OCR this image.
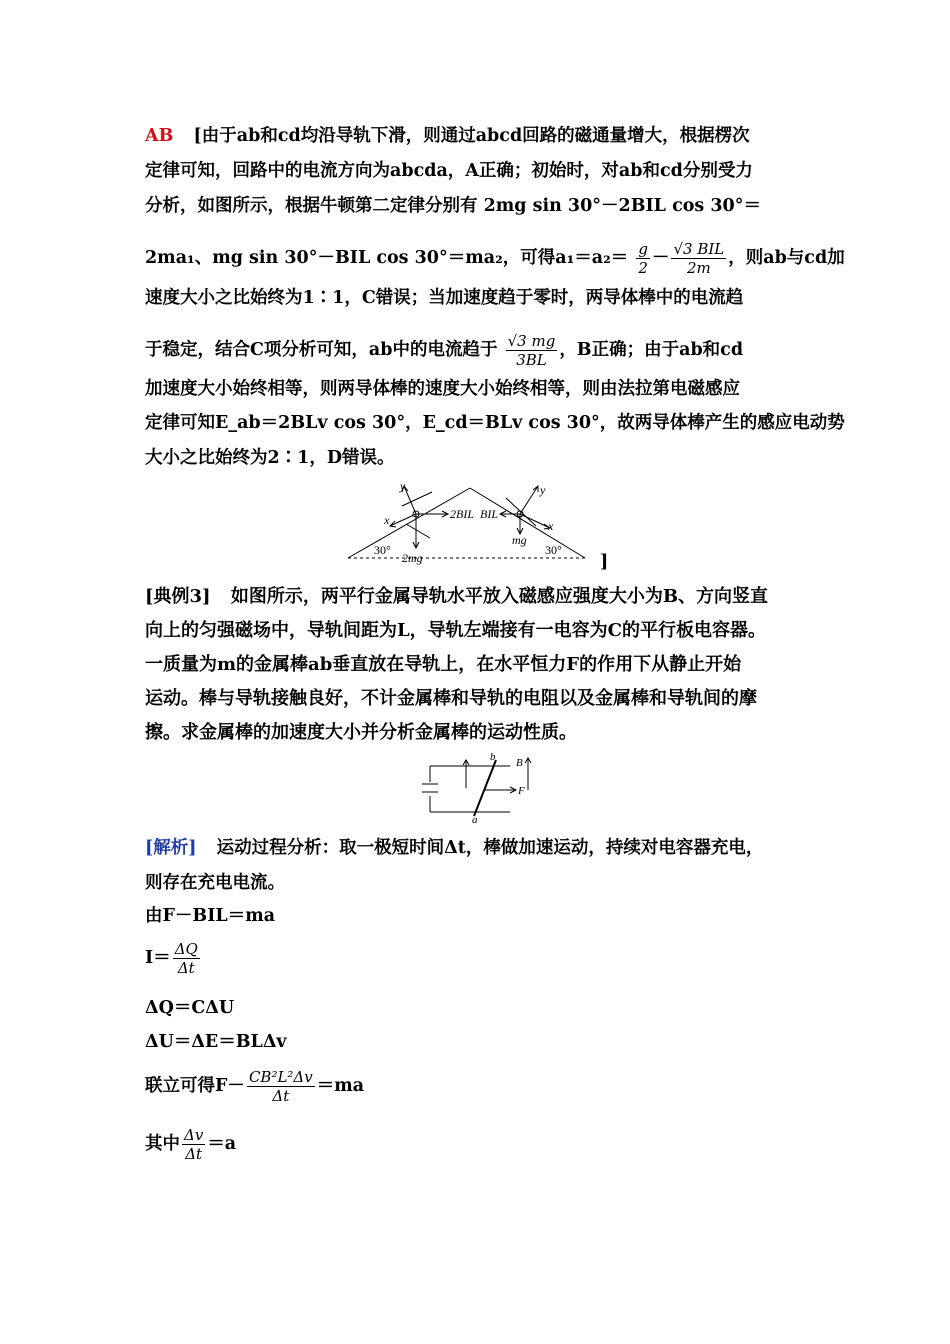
AB [由于ab和cd均沿导轨下滑，则通过abcd回路的磁通量增大，根据楞次
定律可知，回路中的电流方向为abcda，A正确；初始时，对ab和cd分别受力
分析，如图所示，根据牛顿第二定律分别有 2mg sin 30°－2BIL cos 30°＝
2ma₁、mg sin 30°－BIL cos 30°＝ma₂，可得$a_1=a_2= \frac{g}{2} - \frac{\text{√3 BIL}}{2m}$ ，则ab与cd加
速度大小之比始终为1∶1，C错误；当加速度趋于零时，两导体棒中的电流趋
于稳定，结合C项分析可知，ab中的电流趋于 $\frac{√3 mg}{3BL}$ ，B正确；由于ab和cd
加速度大小始终相等，则两导体棒的速度大小始终相等，则由法拉第电磁感应
定律可知E_ab＝2BLv cos 30°，E_cd＝BLv cos 30°，故两导体棒产生的感应电动势
大小之比始终为2∶1，D错误。
y
x
30°
2mg
2BIL BIL
y
mg
x
30°
]
[典例3] 如图所示，两平行金属导轨水平放入磁感应强度大小为B、方向竖直
向上的匀强磁场中，导轨间距为L，导轨左端接有一电容为C的平行板电容器。
一质量为m的金属棒ab垂直放在导轨上，在水平恒力F的作用下从静止开始
运动。棒与导轨接触良好，不计金属棒和导轨的电阻以及金属棒和导轨间的摩
擦。求金属棒的加速度大小并分析金属棒的运动性质。
b B
F
a
[解析] 运动过程分析：取一极短时间Δt，棒做加速运动，持续对电容器充电，
则存在充电电流。
由F－BIL＝ma
$I= \frac{\Delta Q}{\Delta t}$
ΔQ＝CΔU
ΔU＝ΔE＝BLΔv
联立可得$F- \frac{\text{CB²L²Δv}}{\Delta t} =ma$
其中 $\frac{\Delta v}{\Delta t} =a$
